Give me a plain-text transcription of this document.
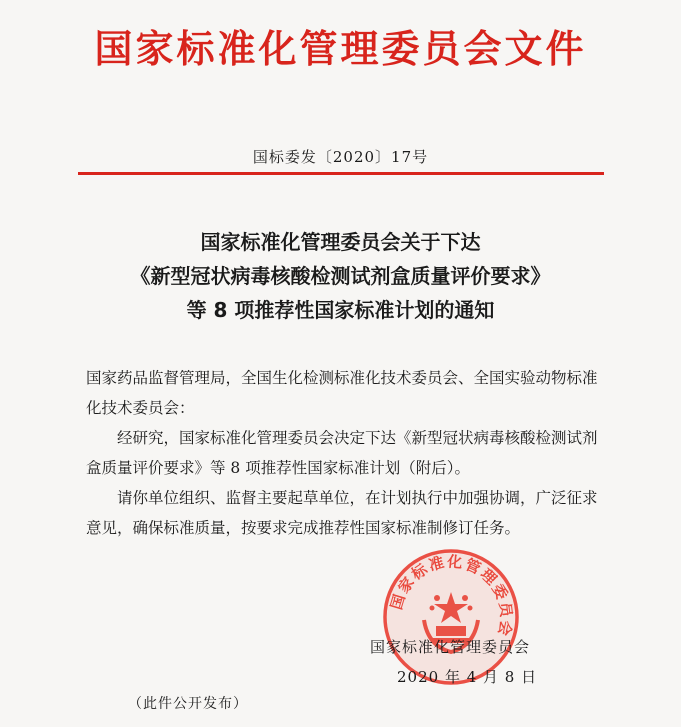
国家标准化管理委员会文件
国标委发〔2020〕17号
国家标准化管理委员会关于下达
《新型冠状病毒核酸检测试剂盒质量评价要求》
等 8 项推荐性国家标准计划的通知

国家药品监督管理局，全国生化检测标准化技术委员会、全国实验动物标准化技术委员会：

经研究，国家标准化管理委员会决定下达《新型冠状病毒核酸检测试剂盒质量评价要求》等 8 项推荐性国家标准计划（附后）。

请你单位组织、监督主要起草单位，在计划执行中加强协调，广泛征求意见，确保标准质量，按要求完成推荐性国家标准制修订任务。

国家标准化管理委员会
国家标准化管理委员会
2020 年 4 月 8 日
（此件公开发布）
